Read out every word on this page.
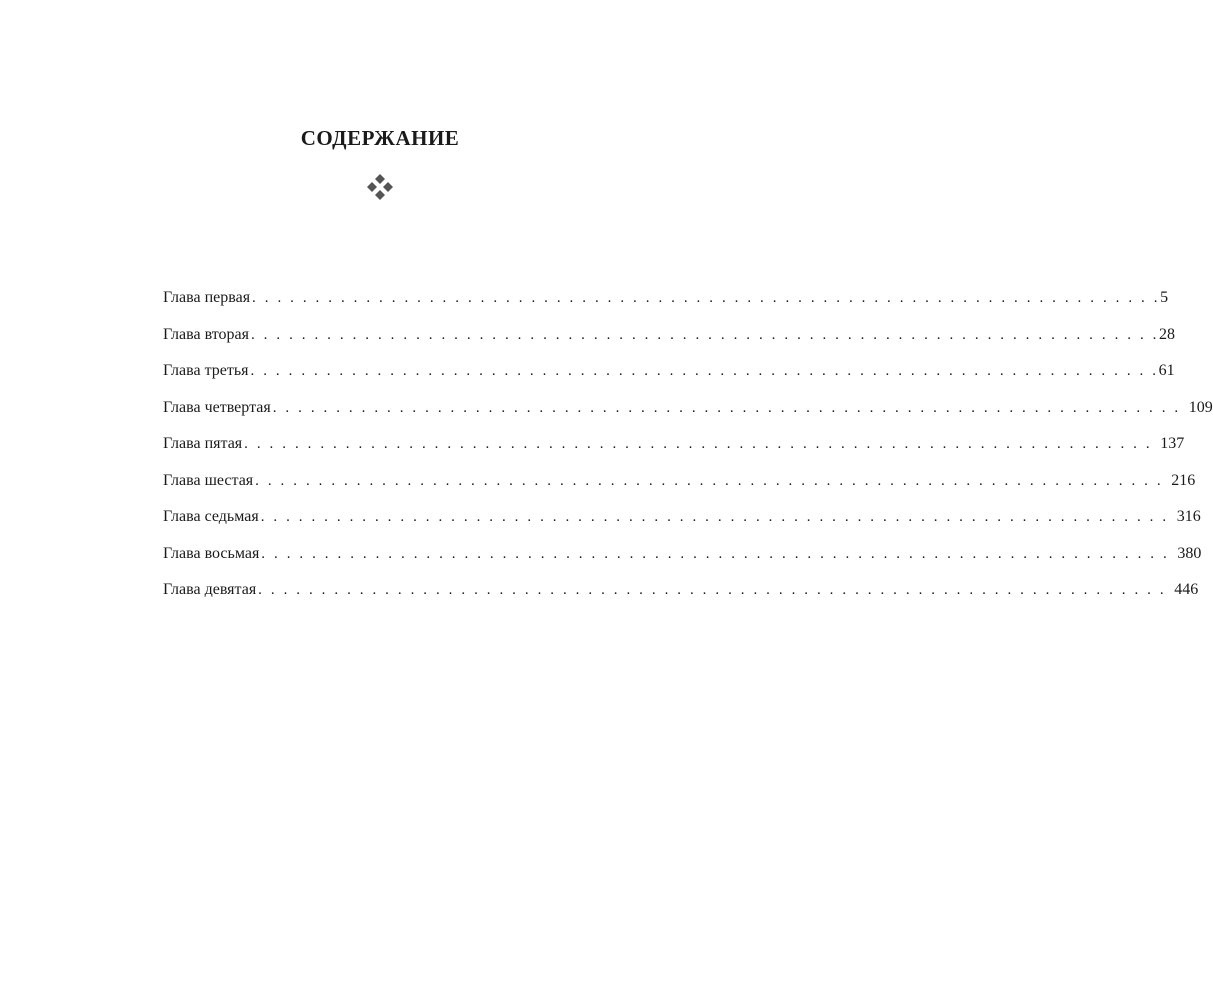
СОДЕРЖАНИЕ
Глава первая . . . . . . . . . . . . . . . . . . . . . . . . . . . . . . . . . . . . . . . . . . . . . . . . . . . . . . . . . . . . . . . . . . . . . . . . 5
Глава вторая . . . . . . . . . . . . . . . . . . . . . . . . . . . . . . . . . . . . . . . . . . . . . . . . . . . . . . . . . . . . . . . . . . . . . . . . 28
Глава третья . . . . . . . . . . . . . . . . . . . . . . . . . . . . . . . . . . . . . . . . . . . . . . . . . . . . . . . . . . . . . . . . . . . . . . . . 61
Глава четвертая . . . . . . . . . . . . . . . . . . . . . . . . . . . . . . . . . . . . . . . . . . . . . . . . . . . . . . . . . . . . . . . . . . . . . . . . 109
Глава пятая . . . . . . . . . . . . . . . . . . . . . . . . . . . . . . . . . . . . . . . . . . . . . . . . . . . . . . . . . . . . . . . . . . . . . . . . 137
Глава шестая . . . . . . . . . . . . . . . . . . . . . . . . . . . . . . . . . . . . . . . . . . . . . . . . . . . . . . . . . . . . . . . . . . . . . . . . 216
Глава седьмая . . . . . . . . . . . . . . . . . . . . . . . . . . . . . . . . . . . . . . . . . . . . . . . . . . . . . . . . . . . . . . . . . . . . . . . . 316
Глава восьмая . . . . . . . . . . . . . . . . . . . . . . . . . . . . . . . . . . . . . . . . . . . . . . . . . . . . . . . . . . . . . . . . . . . . . . . . 380
Глава девятая . . . . . . . . . . . . . . . . . . . . . . . . . . . . . . . . . . . . . . . . . . . . . . . . . . . . . . . . . . . . . . . . . . . . . . . . 446
